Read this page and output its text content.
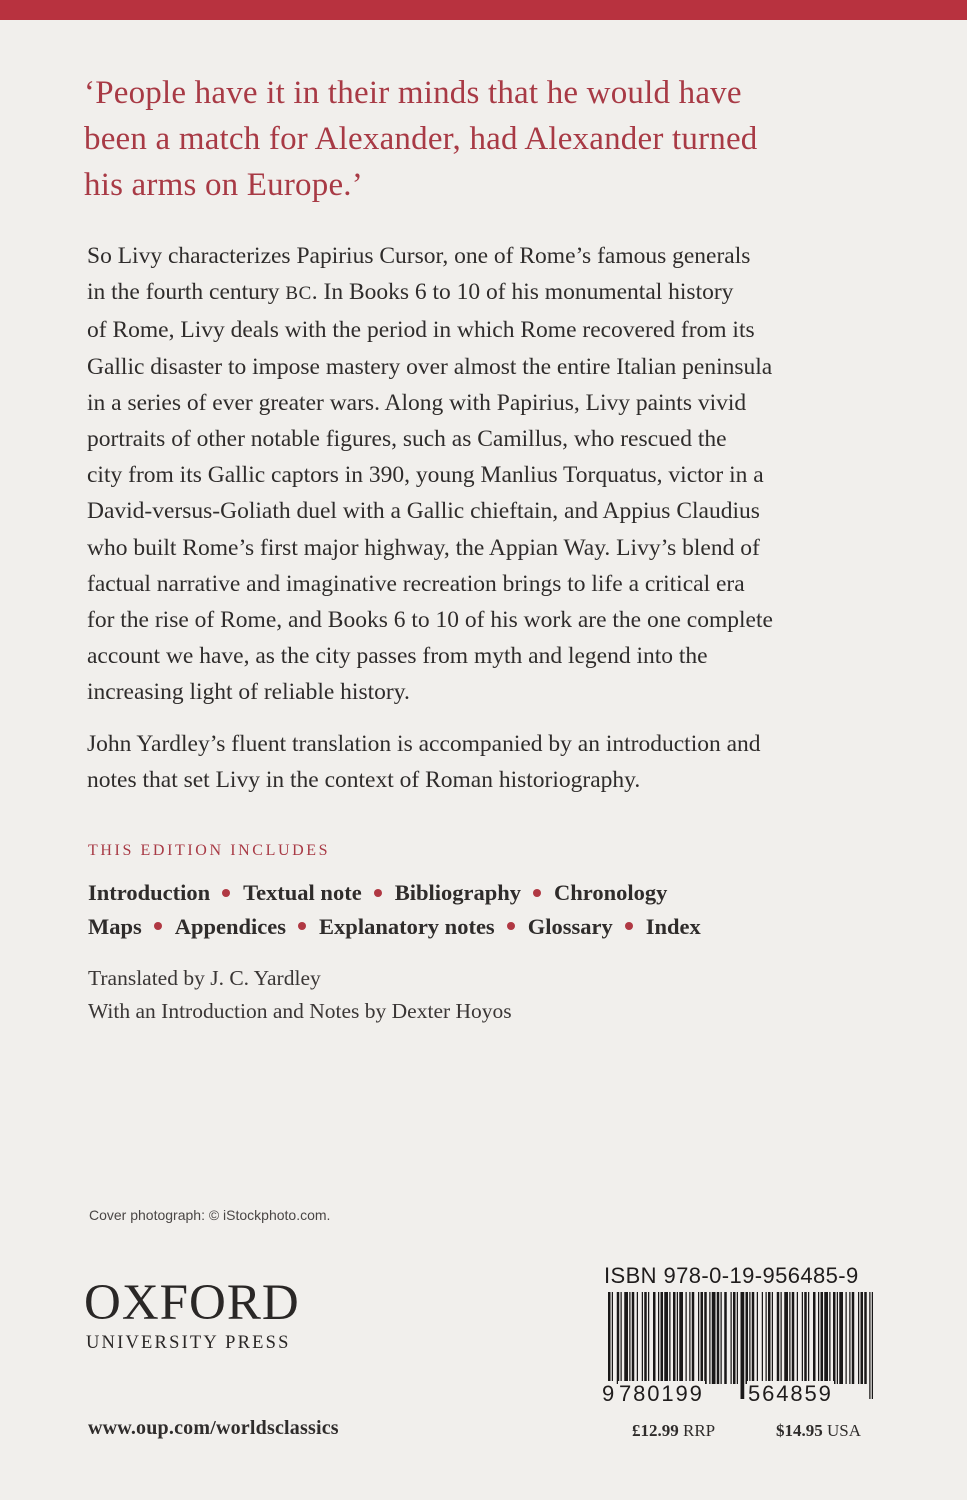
‘People have it in their minds that he would have
been a match for Alexander, had Alexander turned
his arms on Europe.’
So Livy characterizes Papirius Cursor, one of Rome’s famous generals
in the fourth century BC. In Books 6 to 10 of his monumental history
of Rome, Livy deals with the period in which Rome recovered from its
Gallic disaster to impose mastery over almost the entire Italian peninsula
in a series of ever greater wars. Along with Papirius, Livy paints vivid
portraits of other notable figures, such as Camillus, who rescued the
city from its Gallic captors in 390, young Manlius Torquatus, victor in a
David-versus-Goliath duel with a Gallic chieftain, and Appius Claudius
who built Rome’s first major highway, the Appian Way. Livy’s blend of
factual narrative and imaginative recreation brings to life a critical era
for the rise of Rome, and Books 6 to 10 of his work are the one complete
account we have, as the city passes from myth and legend into the
increasing light of reliable history.
John Yardley’s fluent translation is accompanied by an introduction and
notes that set Livy in the context of Roman historiography.
THIS EDITION INCLUDES
Introduction Textual note Bibliography Chronology
Maps Appendices Explanatory notes Glossary Index
Translated by J. C. Yardley
With an Introduction and Notes by Dexter Hoyos
Cover photograph: © iStockphoto.com.
OXFORD
UNIVERSITY PRESS
www.oup.com/worldsclassics
ISBN 978-0-19-956485-9
9 780199 564859
£12.99 RRP	$14.95 USA
